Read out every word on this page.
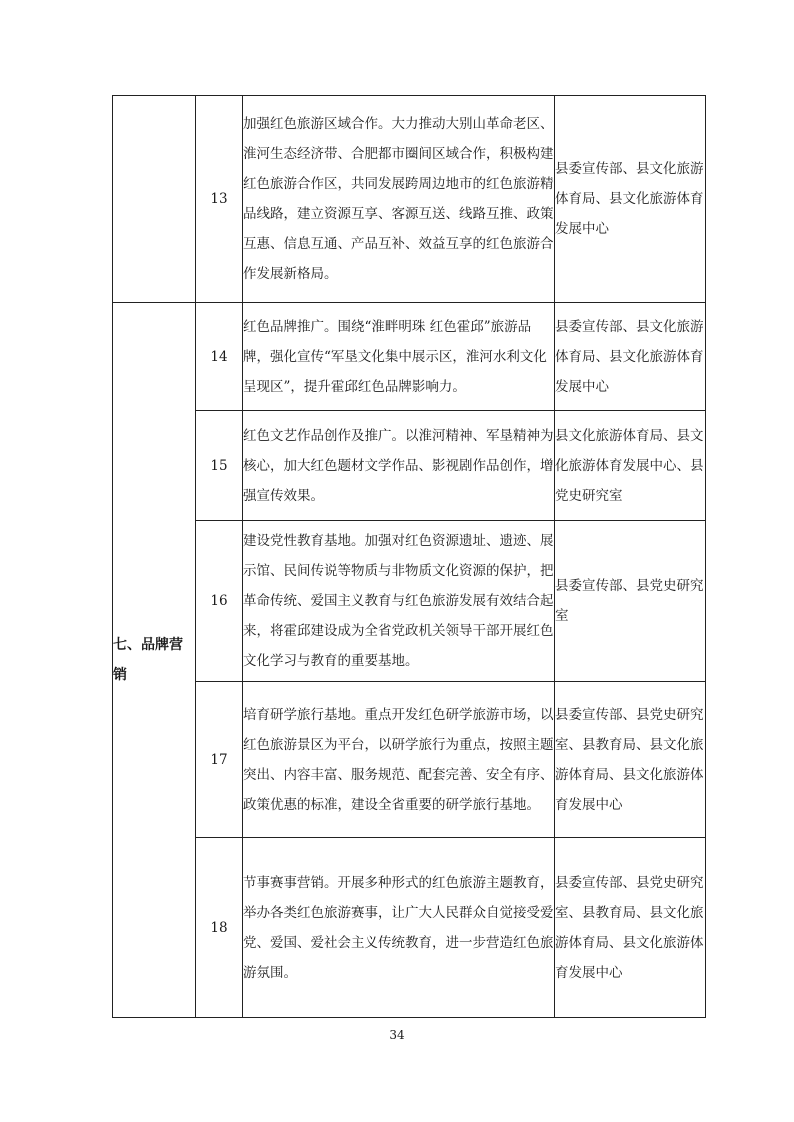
	13	加强红色旅游区域合作。大力推动大别山革命老区、淮河生态经济带、合肥都市圈间区域合作，积极构建红色旅游合作区，共同发展跨周边地市的红色旅游精品线路，建立资源互享、客源互送、线路互推、政策互惠、信息互通、产品互补、效益互享的红色旅游合作发展新格局。	县委宣传部、县文化旅游体育局、县文化旅游体育发展中心
七、品牌营销	14	红色品牌推广。围绕“淮畔明珠 红色霍邱”旅游品牌，强化宣传“军垦文化集中展示区，淮河水利文化呈现区”，提升霍邱红色品牌影响力。	县委宣传部、县文化旅游体育局、县文化旅游体育发展中心
	15	红色文艺作品创作及推广。以淮河精神、军垦精神为核心，加大红色题材文学作品、影视剧作品创作，增强宣传效果。	县文化旅游体育局、县文化旅游体育发展中心、县党史研究室
	16	建设党性教育基地。加强对红色资源遗址、遗迹、展示馆、民间传说等物质与非物质文化资源的保护，把革命传统、爱国主义教育与红色旅游发展有效结合起来，将霍邱建设成为全省党政机关领导干部开展红色文化学习与教育的重要基地。	县委宣传部、县党史研究室
	17	培育研学旅行基地。重点开发红色研学旅游市场，以红色旅游景区为平台，以研学旅行为重点，按照主题突出、内容丰富、服务规范、配套完善、安全有序、政策优惠的标准，建设全省重要的研学旅行基地。	县委宣传部、县党史研究室、县教育局、县文化旅游体育局、县文化旅游体育发展中心
	18	节事赛事营销。开展多种形式的红色旅游主题教育，举办各类红色旅游赛事，让广大人民群众自觉接受爱党、爱国、爱社会主义传统教育，进一步营造红色旅游氛围。	县委宣传部、县党史研究室、县教育局、县文化旅游体育局、县文化旅游体育发展中心
34
